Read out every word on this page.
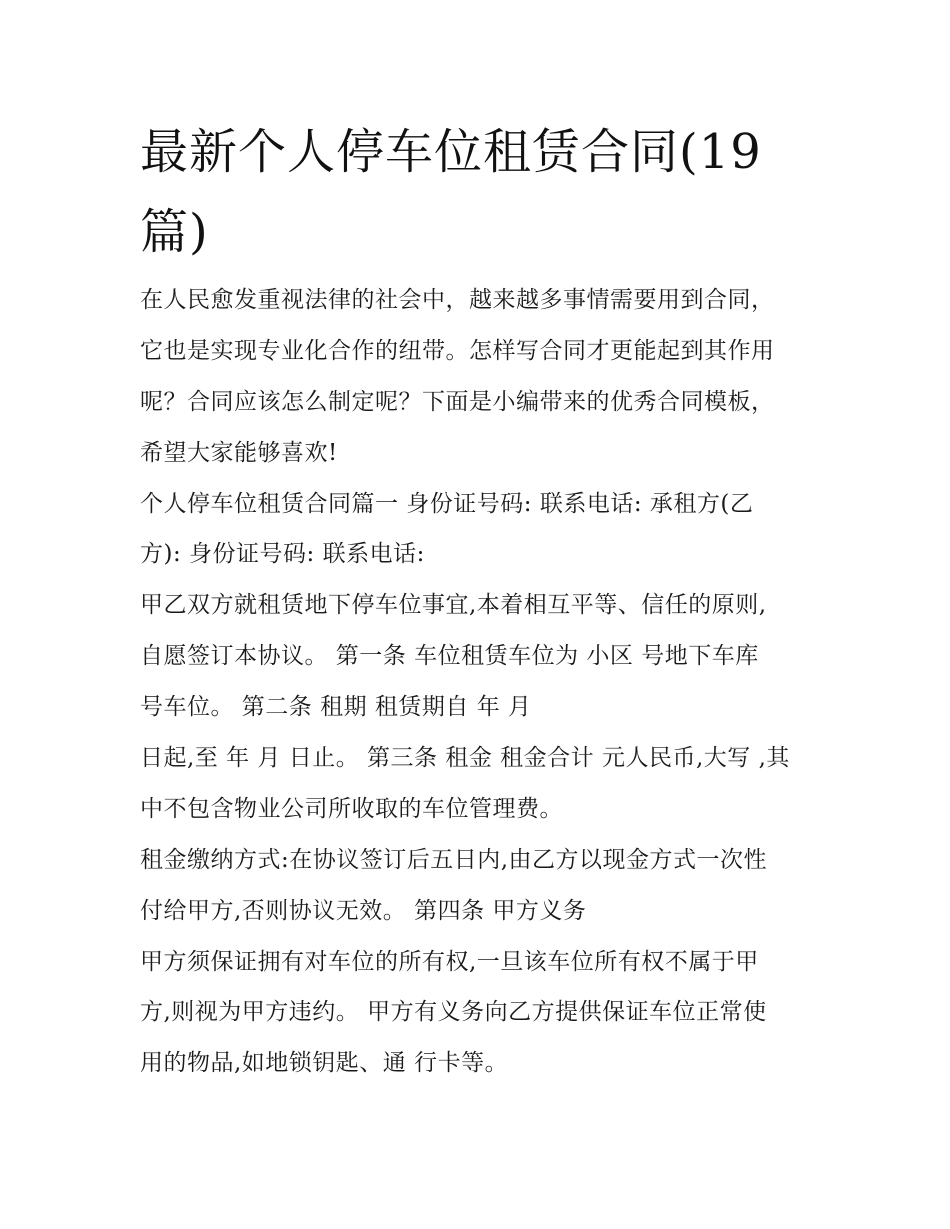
最新个人停车位租赁合同(19
篇)
在人民愈发重视法律的社会中，越来越多事情需要用到合同，
它也是实现专业化合作的纽带。怎样写合同才更能起到其作用
呢？合同应该怎么制定呢？下面是小编带来的优秀合同模板，
希望大家能够喜欢!
个人停车位租赁合同篇一 身份证号码: 联系电话: 承租方(乙
方): 身份证号码: 联系电话:
甲乙双方就租赁地下停车位事宜,本着相互平等、信任的原则,
自愿签订本协议。 第一条 车位租赁车位为 小区 号地下车库
号车位。 第二条 租期 租赁期自 年 月
日起,至 年 月 日止。 第三条 租金 租金合计 元人民币,大写 ,其
中不包含物业公司所收取的车位管理费。
租金缴纳方式:在协议签订后五日内,由乙方以现金方式一次性
付给甲方,否则协议无效。 第四条 甲方义务
甲方须保证拥有对车位的所有权,一旦该车位所有权不属于甲
方,则视为甲方违约。 甲方有义务向乙方提供保证车位正常使
用的物品,如地锁钥匙、通 行卡等。
